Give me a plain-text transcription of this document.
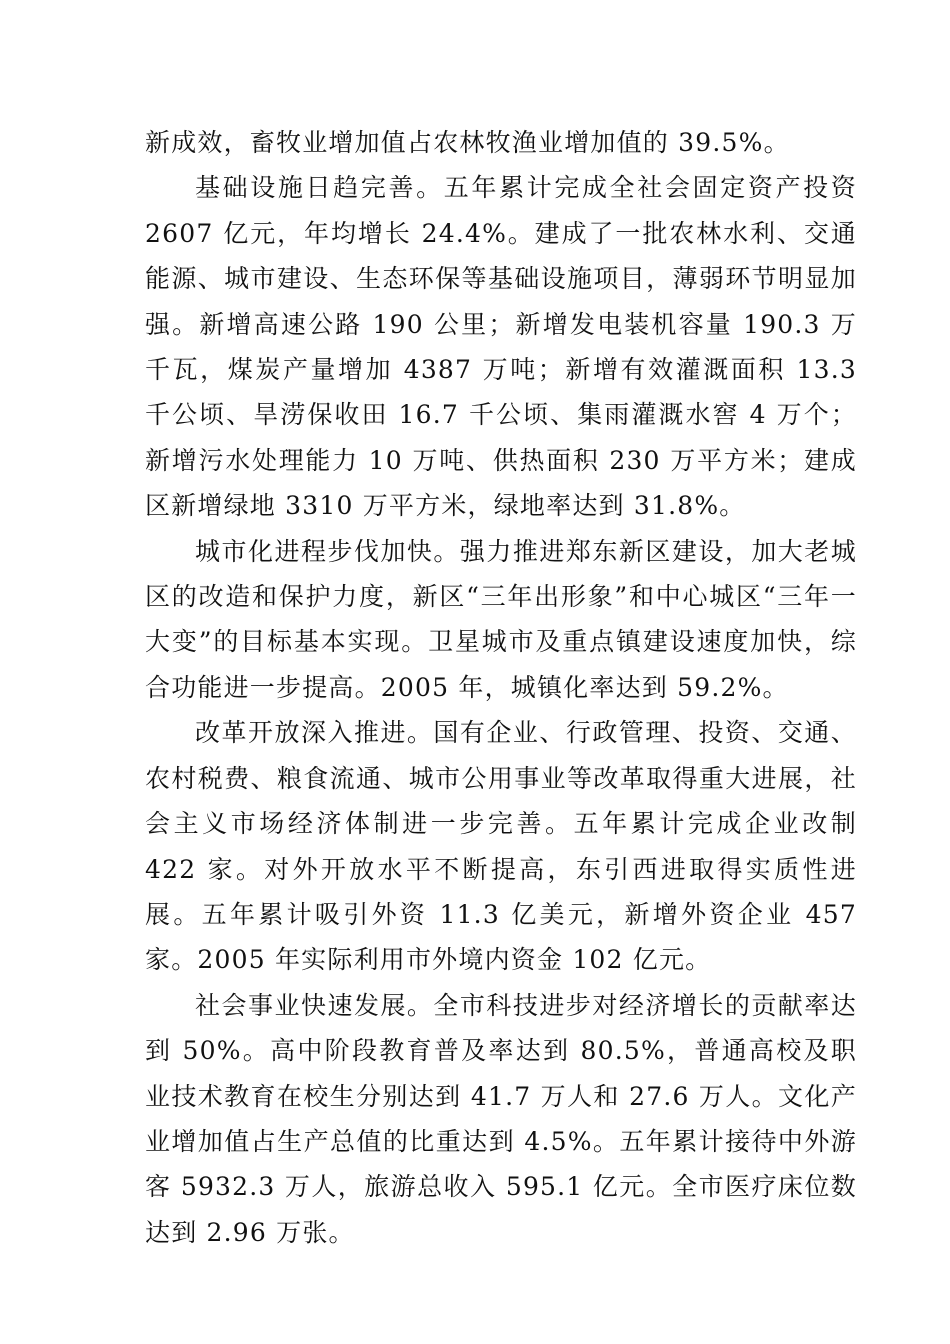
新成效，畜牧业增加值占农林牧渔业增加值的 39.5%。

基础设施日趋完善。五年累计完成全社会固定资产投资 2607 亿元，年均增长 24.4%。建成了一批农林水利、交通能源、城市建设、生态环保等基础设施项目，薄弱环节明显加强。新增高速公路 190 公里；新增发电装机容量 190.3 万千瓦，煤炭产量增加 4387 万吨；新增有效灌溉面积 13.3 千公顷、旱涝保收田 16.7 千公顷、集雨灌溉水窖 4 万个；新增污水处理能力 10 万吨、供热面积 230 万平方米；建成区新增绿地 3310 万平方米，绿地率达到 31.8%。

城市化进程步伐加快。强力推进郑东新区建设，加大老城区的改造和保护力度，新区“三年出形象”和中心城区“三年一大变”的目标基本实现。卫星城市及重点镇建设速度加快，综合功能进一步提高。2005 年，城镇化率达到 59.2%。

改革开放深入推进。国有企业、行政管理、投资、交通、农村税费、粮食流通、城市公用事业等改革取得重大进展，社会主义市场经济体制进一步完善。五年累计完成企业改制 422 家。对外开放水平不断提高，东引西进取得实质性进展。五年累计吸引外资 11.3 亿美元，新增外资企业 457 家。2005 年实际利用市外境内资金 102 亿元。

社会事业快速发展。全市科技进步对经济增长的贡献率达到 50%。高中阶段教育普及率达到 80.5%，普通高校及职业技术教育在校生分别达到 41.7 万人和 27.6 万人。文化产业增加值占生产总值的比重达到 4.5%。五年累计接待中外游客 5932.3 万人，旅游总收入 595.1 亿元。全市医疗床位数达到 2.96 万张。
